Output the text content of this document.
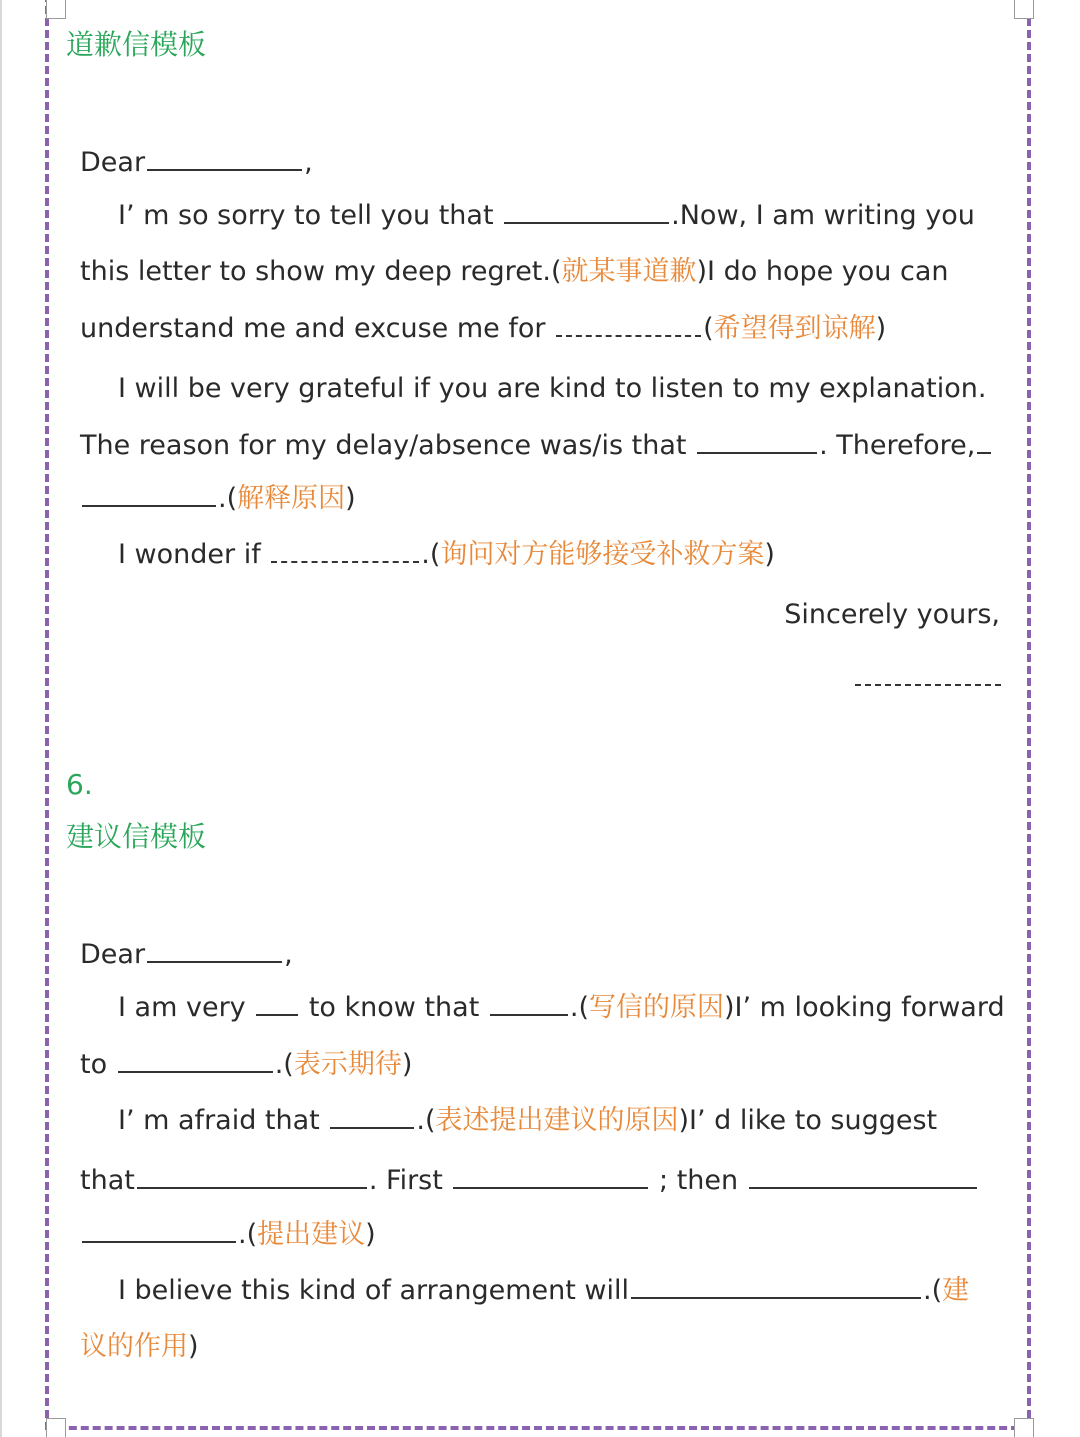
道歉信模板
Dear	,
I’ m so sorry to tell you that	.Now, I am writing you
this letter to show my deep regret.(就某事道歉)I do hope you can
understand me and excuse me for	(希望得到谅解)
I will be very grateful if you are kind to listen to my explanation.
The reason for my delay/absence was/is that	. Therefore,
.(解释原因)
I wonder if	.(询问对方能够接受补救方案)
Sincerely yours,
6.
建议信模板
Dear	,
I am very to know that	.(写信的原因)I’ m looking forward
to	.(表示期待)
I’ m afraid that	.(表述提出建议的原因)I’ d like to suggest
that	. First	; then
.(提出建议)
I believe this kind of arrangement will	.(建
议的作用)
